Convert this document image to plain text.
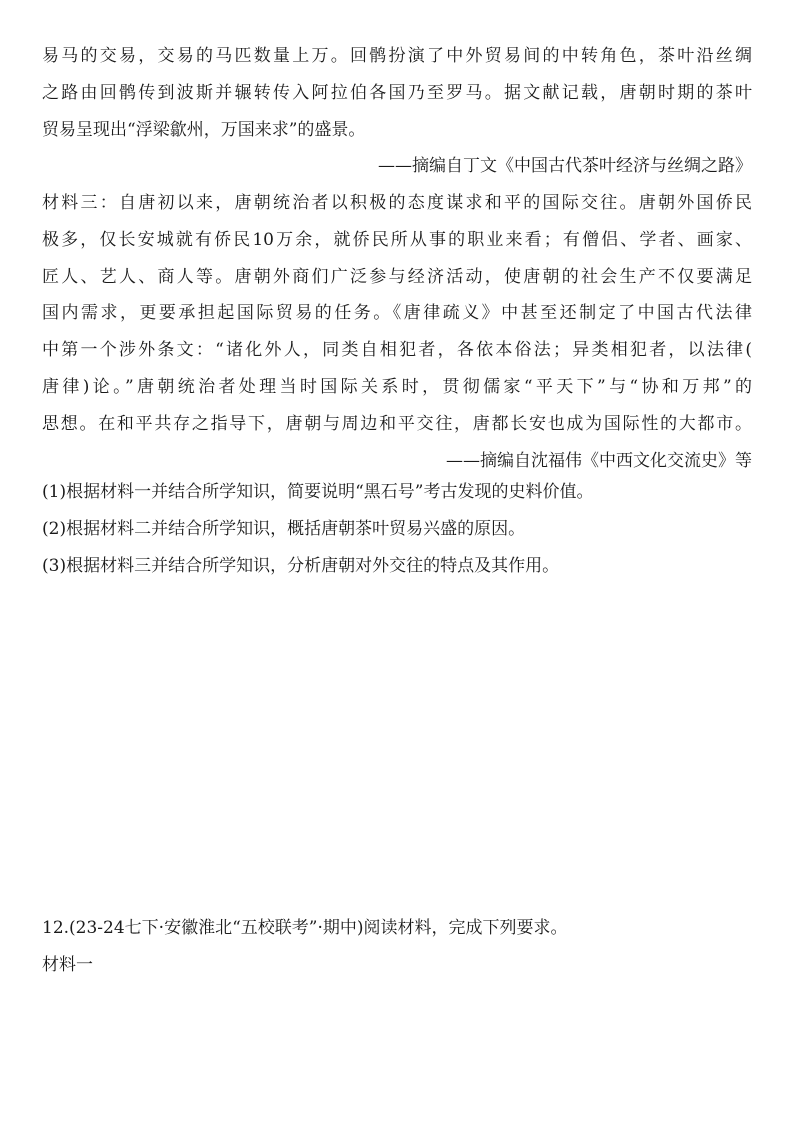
易马的交易，交易的马匹数量上万。回鹘扮演了中外贸易间的中转角色，茶叶沿丝绸
之路由回鹘传到波斯并辗转传入阿拉伯各国乃至罗马。据文献记载，唐朝时期的茶叶
贸易呈现出“浮梁歙州，万国来求”的盛景。
——摘编自丁文《中国古代茶叶经济与丝绸之路》
材料三：自唐初以来，唐朝统治者以积极的态度谋求和平的国际交往。唐朝外国侨民
极多，仅长安城就有侨民10万余，就侨民所从事的职业来看；有僧侣、学者、画家、
匠人、艺人、商人等。唐朝外商们广泛参与经济活动，使唐朝的社会生产不仅要满足
国内需求，更要承担起国际贸易的任务。《唐律疏义》中甚至还制定了中国古代法律
中第一个涉外条文：“诸化外人，同类自相犯者，各依本俗法；异类相犯者，以法律(
唐律)论。”唐朝统治者处理当时国际关系时，贯彻儒家“平天下”与“协和万邦”的
思想。在和平共存之指导下，唐朝与周边和平交往，唐都长安也成为国际性的大都市。
——摘编自沈福伟《中西文化交流史》等
(1)根据材料一并结合所学知识，简要说明“黑石号”考古发现的史料价值。
(2)根据材料二并结合所学知识，概括唐朝茶叶贸易兴盛的原因。
(3)根据材料三并结合所学知识，分析唐朝对外交往的特点及其作用。
12.(23-24七下·安徽淮北“五校联考”·期中)阅读材料，完成下列要求。
材料一
